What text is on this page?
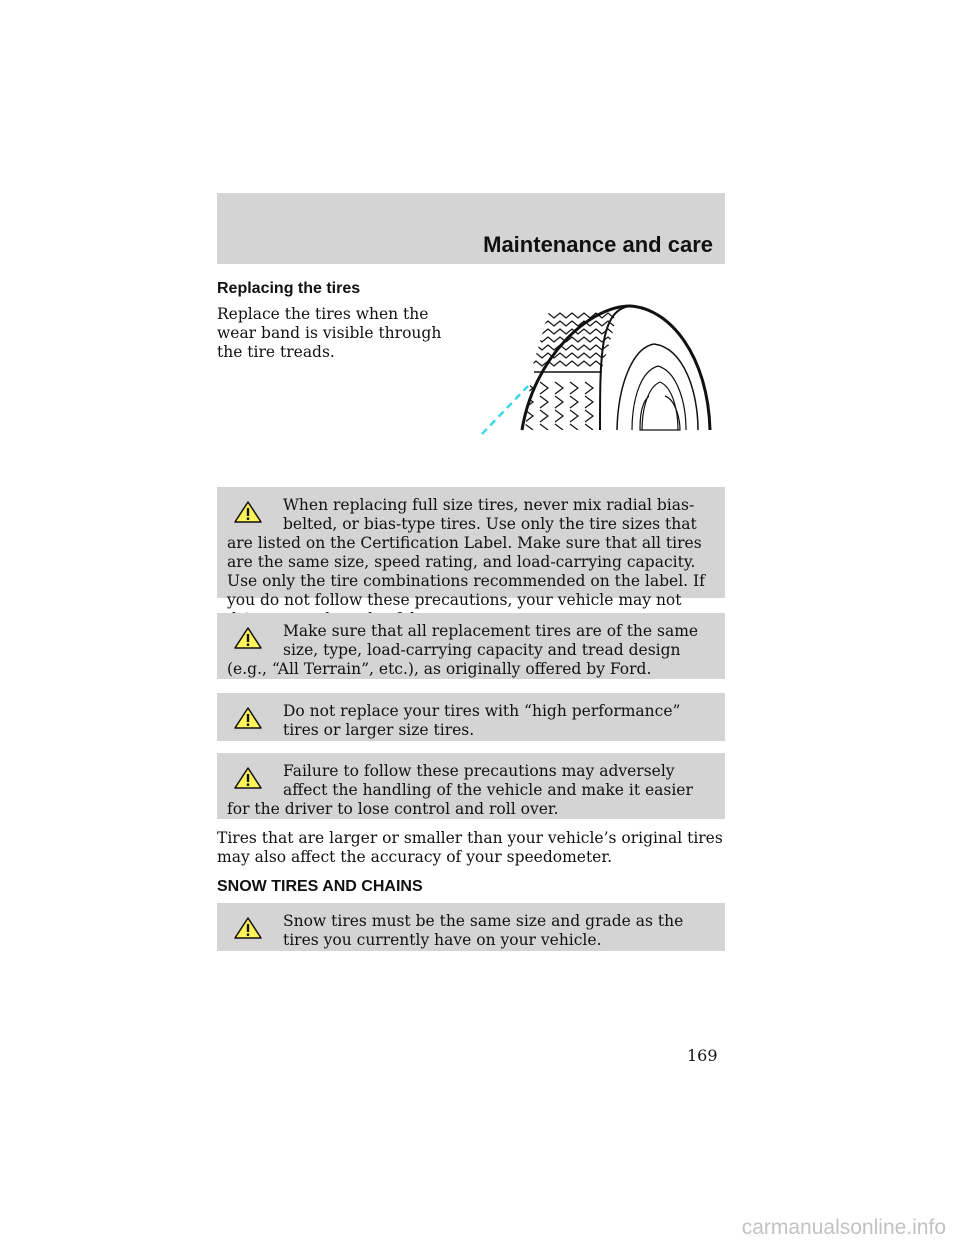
Maintenance and care
Replacing the tires
Replace the tires when the wear band is visible through the tire treads.
When replacing full size tires, never mix radial bias-belted, or bias-type tires. Use only the tire sizes that are listed on the Certification Label. Make sure that all tires are the same size, speed rating, and load-carrying capacity. Use only the tire combinations recommended on the label. If you do not follow these precautions, your vehicle may not
Make sure that all replacement tires are of the same size, type, load-carrying capacity and tread design (e.g., “All Terrain”, etc.), as originally offered by Ford.
Do not replace your tires with “high performance” tires or larger size tires.
Failure to follow these precautions may adversely affect the handling of the vehicle and make it easier for the driver to lose control and roll over.
Tires that are larger or smaller than your vehicle’s original tires may also affect the accuracy of your speedometer.
SNOW TIRES AND CHAINS
Snow tires must be the same size and grade as the tires you currently have on your vehicle.
169
carmanualsonline.info
